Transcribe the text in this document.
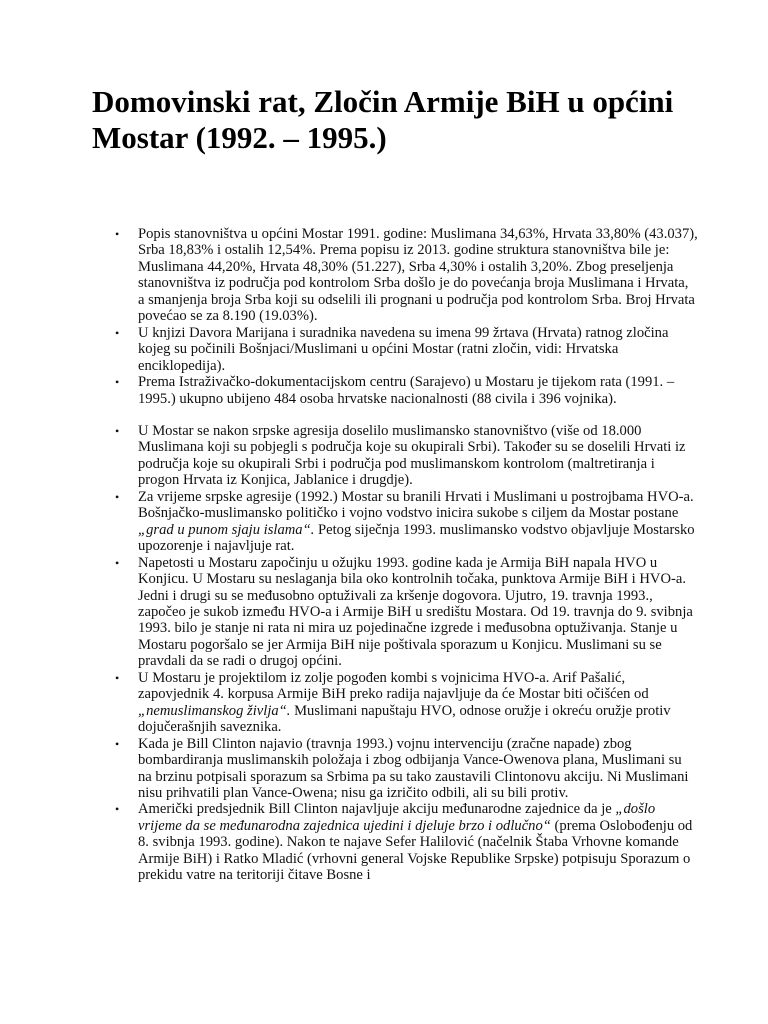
Domovinski rat, Zločin Armije BiH u općini Mostar (1992. – 1995.)
• Popis stanovništva u općini Mostar 1991. godine: Muslimana 34,63%, Hrvata 33,80% (43.037), Srba 18,83% i ostalih 12,54%. Prema popisu iz 2013. godine struktura stanovništva bile je: Muslimana 44,20%, Hrvata 48,30% (51.227), Srba 4,30% i ostalih 3,20%. Zbog preseljenja stanovništva iz područja pod kontrolom Srba došlo je do povećanja broja Muslimana i Hrvata, a smanjenja broja Srba koji su odselili ili prognani u područja pod kontrolom Srba. Broj Hrvata povećao se za 8.190 (19.03%).
• U knjizi Davora Marijana i suradnika navedena su imena 99 žrtava (Hrvata) ratnog zločina kojeg su počinili Bošnjaci/Muslimani u općini Mostar (ratni zločin, vidi: Hrvatska enciklopedija).
• Prema Istraživačko-dokumentacijskom centru (Sarajevo) u Mostaru je tijekom rata (1991. – 1995.) ukupno ubijeno 484 osoba hrvatske nacionalnosti (88 civila i 396 vojnika).
• U Mostar se nakon srpske agresija doselilo muslimansko stanovništvo (više od 18.000 Muslimana koji su pobjegli s područja koje su okupirali Srbi). Također su se doselili Hrvati iz područja koje su okupirali Srbi i područja pod muslimanskom kontrolom (maltretiranja i progon Hrvata iz Konjica, Jablanice i drugdje).
• Za vrijeme srpske agresije (1992.) Mostar su branili Hrvati i Muslimani u postrojbama HVO-a. Bošnjačko-muslimansko političko i vojno vodstvo inicira sukobe s ciljem da Mostar postane „grad u punom sjaju islama“. Petog siječnja 1993. muslimansko vodstvo objavljuje Mostarsko upozorenje i najavljuje rat.
• Napetosti u Mostaru započinju u ožujku 1993. godine kada je Armija BiH napala HVO u Konjicu. U Mostaru su neslaganja bila oko kontrolnih točaka, punktova Armije BiH i HVO-a. Jedni i drugi su se međusobno optuživali za kršenje dogovora. Ujutro, 19. travnja 1993., započeo je sukob između HVO-a i Armije BiH u središtu Mostara. Od 19. travnja do 9. svibnja 1993. bilo je stanje ni rata ni mira uz pojedinačne izgrede i međusobna optuživanja. Stanje u Mostaru pogoršalo se jer Armija BiH nije poštivala sporazum u Konjicu. Muslimani su se pravdali da se radi o drugoj općini.
• U Mostaru je projektilom iz zolje pogođen kombi s vojnicima HVO-a. Arif Pašalić, zapovjednik 4. korpusa Armije BiH preko radija najavljuje da će Mostar biti očišćen od „nemuslimanskog življa“. Muslimani napuštaju HVO, odnose oružje i okreću oružje protiv dojučerašnjih saveznika.
• Kada je Bill Clinton najavio (travnja 1993.) vojnu intervenciju (zračne napade) zbog bombardiranja muslimanskih položaja i zbog odbijanja Vance-Owenova plana, Muslimani su na brzinu potpisali sporazum sa Srbima pa su tako zaustavili Clintonovu akciju. Ni Muslimani nisu prihvatili plan Vance-Owena; nisu ga izričito odbili, ali su bili protiv.
• Američki predsjednik Bill Clinton najavljuje akciju međunarodne zajednice da je „došlo vrijeme da se međunarodna zajednica ujedini i djeluje brzo i odlučno“ (prema Oslobođenju od 8. svibnja 1993. godine). Nakon te najave Sefer Halilović (načelnik Štaba Vrhovne komande Armije BiH) i Ratko Mladić (vrhovni general Vojske Republike Srpske) potpisuju Sporazum o prekidu vatre na teritoriji čitave Bosne i
